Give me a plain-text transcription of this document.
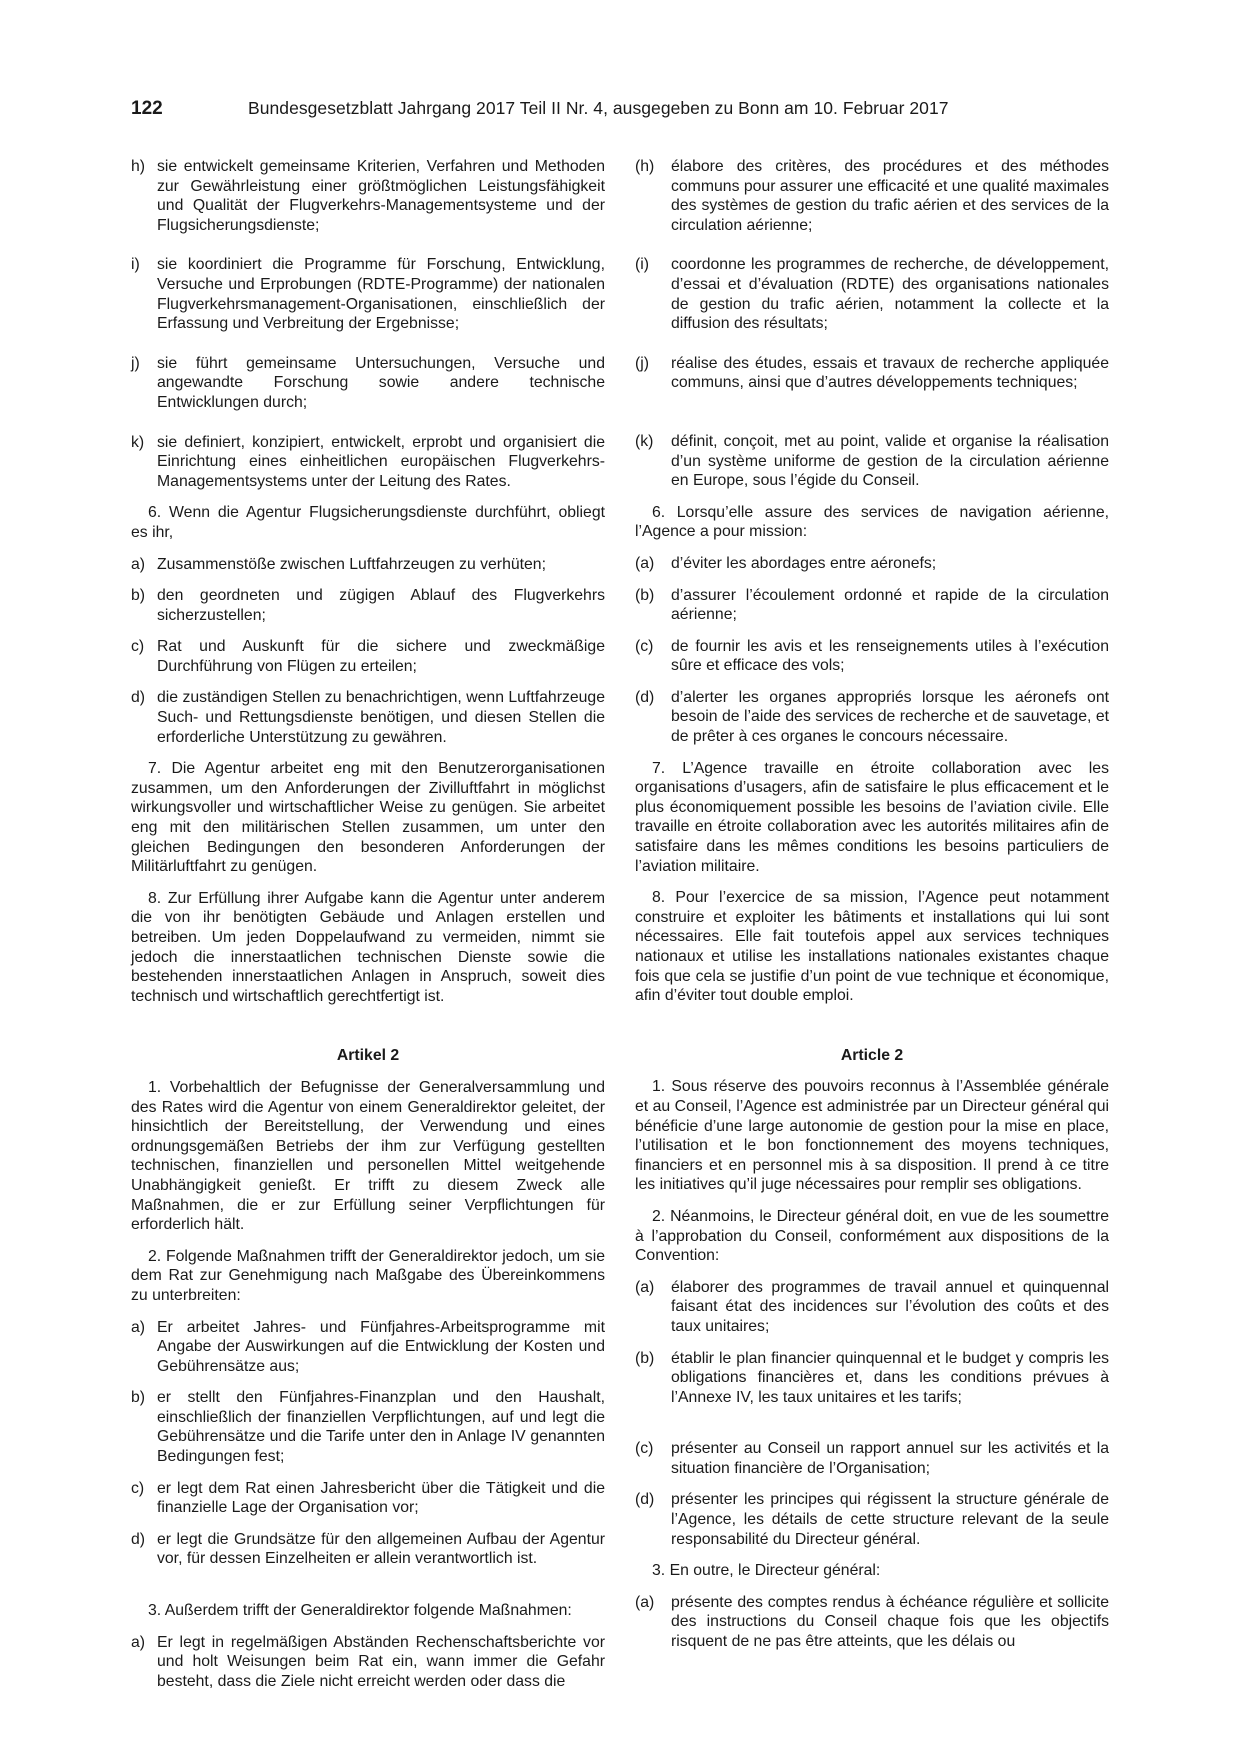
122	Bundesgesetzblatt Jahrgang 2017 Teil II Nr. 4, ausgegeben zu Bonn am 10. Februar 2017
h) sie entwickelt gemeinsame Kriterien, Verfahren und Methoden zur Gewährleistung einer größtmöglichen Leistungsfähigkeit und Qualität der Flugverkehrs-Managementsysteme und der Flugsicherungsdienste;
i) sie koordiniert die Programme für Forschung, Entwicklung, Versuche und Erprobungen (RDTE-Programme) der nationalen Flugverkehrsmanagement-Organisationen, einschließlich der Erfassung und Verbreitung der Ergebnisse;
j) sie führt gemeinsame Untersuchungen, Versuche und angewandte Forschung sowie andere technische Entwicklungen durch;
k) sie definiert, konzipiert, entwickelt, erprobt und organisiert die Einrichtung eines einheitlichen europäischen Flugverkehrs-Managementsystems unter der Leitung des Rates.

6. Wenn die Agentur Flugsicherungsdienste durchführt, obliegt es ihr,

a) Zusammenstöße zwischen Luftfahrzeugen zu verhüten;
b) den geordneten und zügigen Ablauf des Flugverkehrs sicherzustellen;
c) Rat und Auskunft für die sichere und zweckmäßige Durchführung von Flügen zu erteilen;
d) die zuständigen Stellen zu benachrichtigen, wenn Luftfahrzeuge Such- und Rettungsdienste benötigen, und diesen Stellen die erforderliche Unterstützung zu gewähren.

7. Die Agentur arbeitet eng mit den Benutzerorganisationen zusammen, um den Anforderungen der Zivilluftfahrt in möglichst wirkungsvoller und wirtschaftlicher Weise zu genügen. Sie arbeitet eng mit den militärischen Stellen zusammen, um unter den gleichen Bedingungen den besonderen Anforderungen der Militärluftfahrt zu genügen.

8. Zur Erfüllung ihrer Aufgabe kann die Agentur unter anderem die von ihr benötigten Gebäude und Anlagen erstellen und betreiben. Um jeden Doppelaufwand zu vermeiden, nimmt sie jedoch die innerstaatlichen technischen Dienste sowie die bestehenden innerstaatlichen Anlagen in Anspruch, soweit dies technisch und wirtschaftlich gerechtfertigt ist.

Artikel 2

1. Vorbehaltlich der Befugnisse der Generalversammlung und des Rates wird die Agentur von einem Generaldirektor geleitet, der hinsichtlich der Bereitstellung, der Verwendung und eines ordnungsgemäßen Betriebs der ihm zur Verfügung gestellten technischen, finanziellen und personellen Mittel weitgehende Unabhängigkeit genießt. Er trifft zu diesem Zweck alle Maßnahmen, die er zur Erfüllung seiner Verpflichtungen für erforderlich hält.

2. Folgende Maßnahmen trifft der Generaldirektor jedoch, um sie dem Rat zur Genehmigung nach Maßgabe des Übereinkommens zu unterbreiten:

a) Er arbeitet Jahres- und Fünfjahres-Arbeitsprogramme mit Angabe der Auswirkungen auf die Entwicklung der Kosten und Gebührensätze aus;
b) er stellt den Fünfjahres-Finanzplan und den Haushalt, einschließlich der finanziellen Verpflichtungen, auf und legt die Gebührensätze und die Tarife unter den in Anlage IV genannten Bedingungen fest;
c) er legt dem Rat einen Jahresbericht über die Tätigkeit und die finanzielle Lage der Organisation vor;
d) er legt die Grundsätze für den allgemeinen Aufbau der Agentur vor, für dessen Einzelheiten er allein verantwortlich ist.

3. Außerdem trifft der Generaldirektor folgende Maßnahmen:

a) Er legt in regelmäßigen Abständen Rechenschaftsberichte vor und holt Weisungen beim Rat ein, wann immer die Gefahr besteht, dass die Ziele nicht erreicht werden oder dass die
(h) élabore des critères, des procédures et des méthodes communs pour assurer une efficacité et une qualité maximales des systèmes de gestion du trafic aérien et des services de la circulation aérienne;
(i) coordonne les programmes de recherche, de développement, d’essai et d’évaluation (RDTE) des organisations nationales de gestion du trafic aérien, notamment la collecte et la diffusion des résultats;
(j) réalise des études, essais et travaux de recherche appliquée communs, ainsi que d’autres développements techniques;
(k) définit, conçoit, met au point, valide et organise la réalisation d’un système uniforme de gestion de la circulation aérienne en Europe, sous l’égide du Conseil.

6. Lorsqu’elle assure des services de navigation aérienne, l’Agence a pour mission:

(a) d’éviter les abordages entre aéronefs;
(b) d’assurer l’écoulement ordonné et rapide de la circulation aérienne;
(c) de fournir les avis et les renseignements utiles à l’exécution sûre et efficace des vols;
(d) d’alerter les organes appropriés lorsque les aéronefs ont besoin de l’aide des services de recherche et de sauvetage, et de prêter à ces organes le concours nécessaire.

7. L’Agence travaille en étroite collaboration avec les organisations d’usagers, afin de satisfaire le plus efficacement et le plus économiquement possible les besoins de l’aviation civile. Elle travaille en étroite collaboration avec les autorités militaires afin de satisfaire dans les mêmes conditions les besoins particuliers de l’aviation militaire.

8. Pour l’exercice de sa mission, l’Agence peut notamment construire et exploiter les bâtiments et installations qui lui sont nécessaires. Elle fait toutefois appel aux services techniques nationaux et utilise les installations nationales existantes chaque fois que cela se justifie d’un point de vue technique et économique, afin d’éviter tout double emploi.

Article 2

1. Sous réserve des pouvoirs reconnus à l’Assemblée générale et au Conseil, l’Agence est administrée par un Directeur général qui bénéficie d’une large autonomie de gestion pour la mise en place, l’utilisation et le bon fonctionnement des moyens techniques, financiers et en personnel mis à sa disposition. Il prend à ce titre les initiatives qu’il juge nécessaires pour remplir ses obligations.

2. Néanmoins, le Directeur général doit, en vue de les soumettre à l’approbation du Conseil, conformément aux dispositions de la Convention:

(a) élaborer des programmes de travail annuel et quinquennal faisant état des incidences sur l’évolution des coûts et des taux unitaires;
(b) établir le plan financier quinquennal et le budget y compris les obligations financières et, dans les conditions prévues à l’Annexe IV, les taux unitaires et les tarifs;
(c) présenter au Conseil un rapport annuel sur les activités et la situation financière de l’Organisation;
(d) présenter les principes qui régissent la structure générale de l’Agence, les détails de cette structure relevant de la seule responsabilité du Directeur général.

3. En outre, le Directeur général:

(a) présente des comptes rendus à échéance régulière et sollicite des instructions du Conseil chaque fois que les objectifs risquent de ne pas être atteints, que les délais ou
